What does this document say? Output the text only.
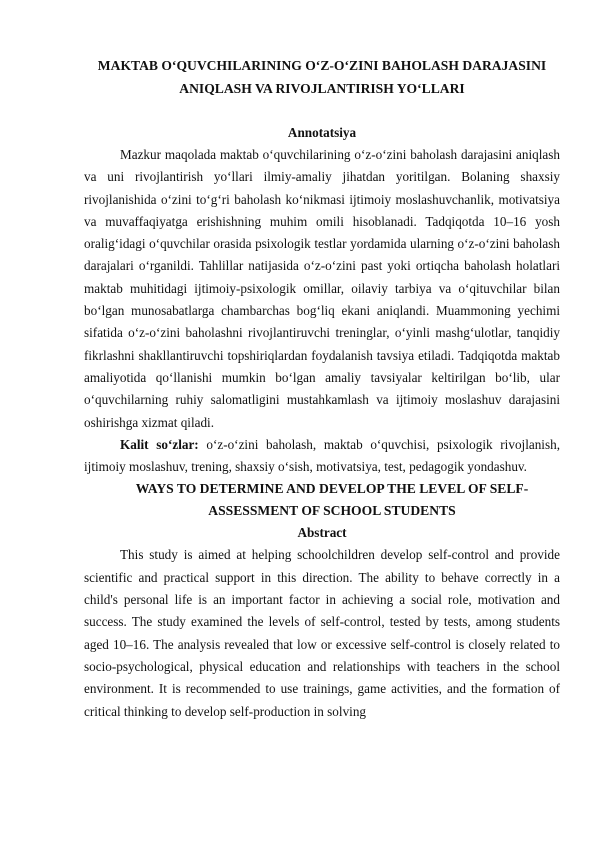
MAKTAB O‘QUVCHILARINING O‘Z-O‘ZINI BAHOLASH DARAJASINI ANIQLASH VA RIVOJLANTIRISH YO‘LLARI
Annotatsiya

Mazkur maqolada maktab o‘quvchilarining o‘z-o‘zini baholash darajasini aniqlash va uni rivojlantirish yo‘llari ilmiy-amaliy jihatdan yoritilgan. Bolaning shaxsiy rivojlanishida o‘zini to‘g‘ri baholash ko‘nikmasi ijtimoiy moslashuvchanlik, motivatsiya va muvaffaqiyatga erishishning muhim omili hisoblanadi. Tadqiqotda 10–16 yosh oralig‘idagi o‘quvchilar orasida psixologik testlar yordamida ularning o‘z-o‘zini baholash darajalari o‘rganildi. Tahlillar natijasida o‘z-o‘zini past yoki ortiqcha baholash holatlari maktab muhitidagi ijtimoiy-psixologik omillar, oilaviy tarbiya va o‘qituvchilar bilan bo‘lgan munosabatlarga chambarchas bog‘liq ekani aniqlandi. Muammoning yechimi sifatida o‘z-o‘zini baholashni rivojlantiruvchi treninglar, o‘yinli mashg‘ulotlar, tanqidiy fikrlashni shakllantiruvchi topshiriqlardan foydalanish tavsiya etiladi. Tadqiqotda maktab amaliyotida qo‘llanishi mumkin bo‘lgan amaliy tavsiyalar keltirilgan bo‘lib, ular o‘quvchilarning ruhiy salomatligini mustahkamlash va ijtimoiy moslashuv darajasini oshirishga xizmat qiladi.

Kalit so‘zlar: o‘z-o‘zini baholash, maktab o‘quvchisi, psixologik rivojlanish, ijtimoiy moslashuv, trening, shaxsiy o‘sish, motivatsiya, test, pedagogik yondashuv.

WAYS TO DETERMINE AND DEVELOP THE LEVEL OF SELF-ASSESSMENT OF SCHOOL STUDENTS
Abstract

This study is aimed at helping schoolchildren develop self-control and provide scientific and practical support in this direction. The ability to behave correctly in a child's personal life is an important factor in achieving a social role, motivation and success. The study examined the levels of self-control, tested by tests, among students aged 10–16. The analysis revealed that low or excessive self-control is closely related to socio-psychological, physical education and relationships with teachers in the school environment. It is recommended to use trainings, game activities, and the formation of critical thinking to develop self-production in solving
